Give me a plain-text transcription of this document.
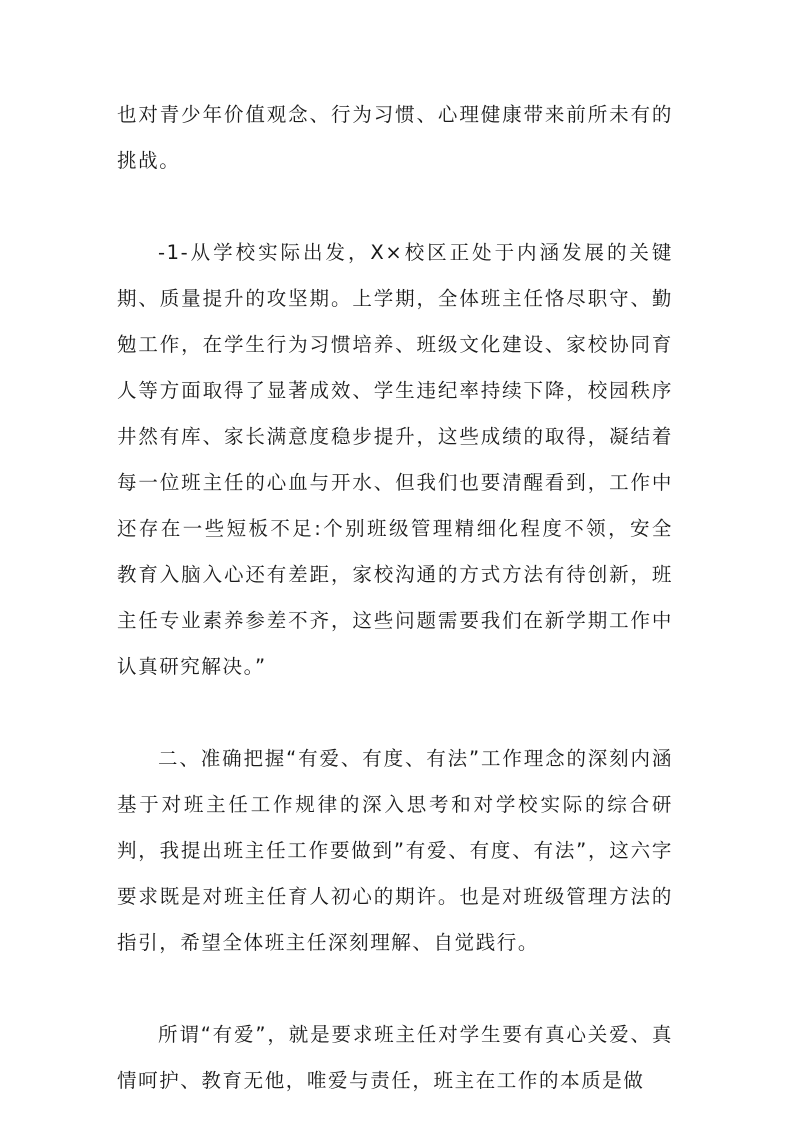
也对青少年价值观念、行为习惯、心理健康带来前所未有的挑战。

-1-从学校实际出发，X×校区正处于内涵发展的关键期、质量提升的攻坚期。上学期，全体班主任恪尽职守、勤勉工作，在学生行为习惯培养、班级文化建设、家校协同育人等方面取得了显著成效、学生违纪率持续下降，校园秩序井然有库、家长满意度稳步提升，这些成绩的取得，凝结着每一位班主任的心血与开水、但我们也要清醒看到，工作中还存在一些短板不足:个别班级管理精细化程度不领，安全教育入脑入心还有差距，家校沟通的方式方法有待创新，班主任专业素养参差不齐，这些问题需要我们在新学期工作中认真研究解决。”

二、准确把握“有爱、有度、有法”工作理念的深刻内涵基于对班主任工作规律的深入思考和对学校实际的综合研判，我提出班主任工作要做到”有爱、有度、有法”，这六字要求既是对班主任育人初心的期许。也是对班级管理方法的指引，希望全体班主任深刻理解、自觉践行。

所谓“有爱”，就是要求班主任对学生要有真心关爱、真情呵护、教育无他，唯爱与责任，班主在工作的本质是做
